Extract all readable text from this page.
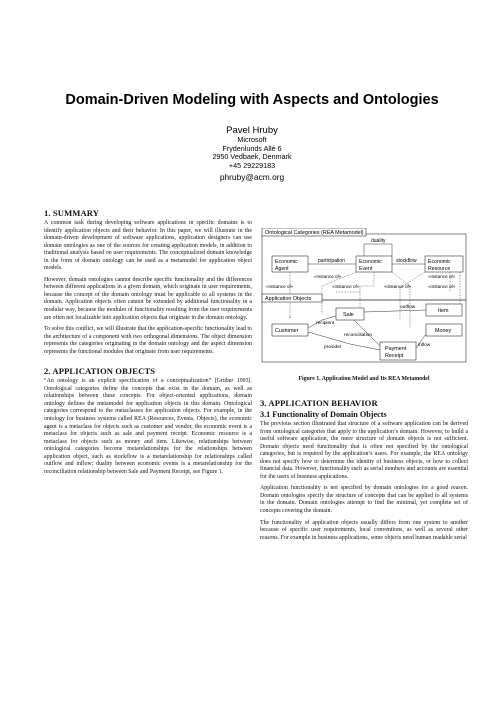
Domain-Driven Modeling with Aspects and Ontologies
Pavel Hruby
Microsoft
Frydenlunds Allé 6
2950 Vedbaek, Denmark
+45 29229183
phruby@acm.org
1. SUMMARY

A common task during developing software applications in specific domains is to identify application objects and their behavior. In this paper, we will illustrate in the domain-driven development of software applications, application designers can use domain ontologies as one of the sources for creating application models, in addition to traditional analysis based on user requirements. The conceptualized domain knowledge in the form of domain ontology can be used as a metamodel for application object models.

However, domain ontologies cannot describe specific functionality and the differences between different applications in a given domain, which originate in user requirements, because the concept of the domain ontology must be applicable to all systems in the domain. Application objects often cannot be extended by additional functionality in a modular way, because the modules of functionality resulting from the user requirements are often not localizable into application objects that originate in the domain ontology.

To solve this conflict, we will illustrate that the application-specific functionality lead to the architecture of a component with two orthogonal dimensions. The object dimension represents the categories originating in the domain ontology and the aspect dimension represents the functional modules that originate from user requirements.

2. APPLICATION OBJECTS

“An ontology is an explicit specification of a conceptualization” [Gruber 1993]. Ontological categories define the concepts that exist in the domain, as well as relationships between these concepts. For object-oriented applications, domain ontology defines the metamodel for application objects in this domain. Ontological categories correspond to the metaclasses for application objects. For example, in the ontology for business systems called REA (Resources, Events, Objects), the economic agent is a metaclass for objects such as customer and vendor, the economic event is a metaclass for objects such as sale and payment receipt. Economic resource is a metaclass for objects such as money and item. Likewise, relationships between ontological categories become metarelationships for the relationships between application object, such as stockflow is a metarelationship for relationships called outflow and inflow; duality between economic events is a metarelationship for the reconciliation relationship between Sale and Payment Receipt, see Figure 1.

Ontological Categories (REA Metamodel)
duality
Economic
Agent
Economic
Event
Economic
Resource
participation	stockflow
«instance of»
«instance of»
«instance of»	«instance of»
«instance of»
«instance of»
Application Objects
Sale
Item
Customer	Money
Payment
Receipt
recipient
provider
reconciliation
outflow
inflow
Figure 1. Application Model and Its REA Metamodel
3. APPLICATION BEHAVIOR
3.1 Functionality of Domain Objects

The previous section illustrated that structure of a software application can be derived from ontological categories that apply to the application’s domain. However, to build a useful software application, the mere structure of domain objects is not sufficient. Domain objects need functionality that is often not specified by the ontological categories, but is required by the application’s users. For example, the REA ontology does not specify how to determine the identity of business objects, or how to collect financial data. However, functionality such as serial numbers and accounts are essential for the users of business applications.

Application functionality is not specified by domain ontologies for a good reason. Domain ontologies specify the structure of concepts that can be applied to all systems in the domain. Domain ontologies attempt to find the minimal, yet complete set of concepts covering the domain.

The functionality of application objects usually differs from one system to another because of specific user requirements, local conventions, as well as several other reasons. For example in business applications, some objects need human readable serial
